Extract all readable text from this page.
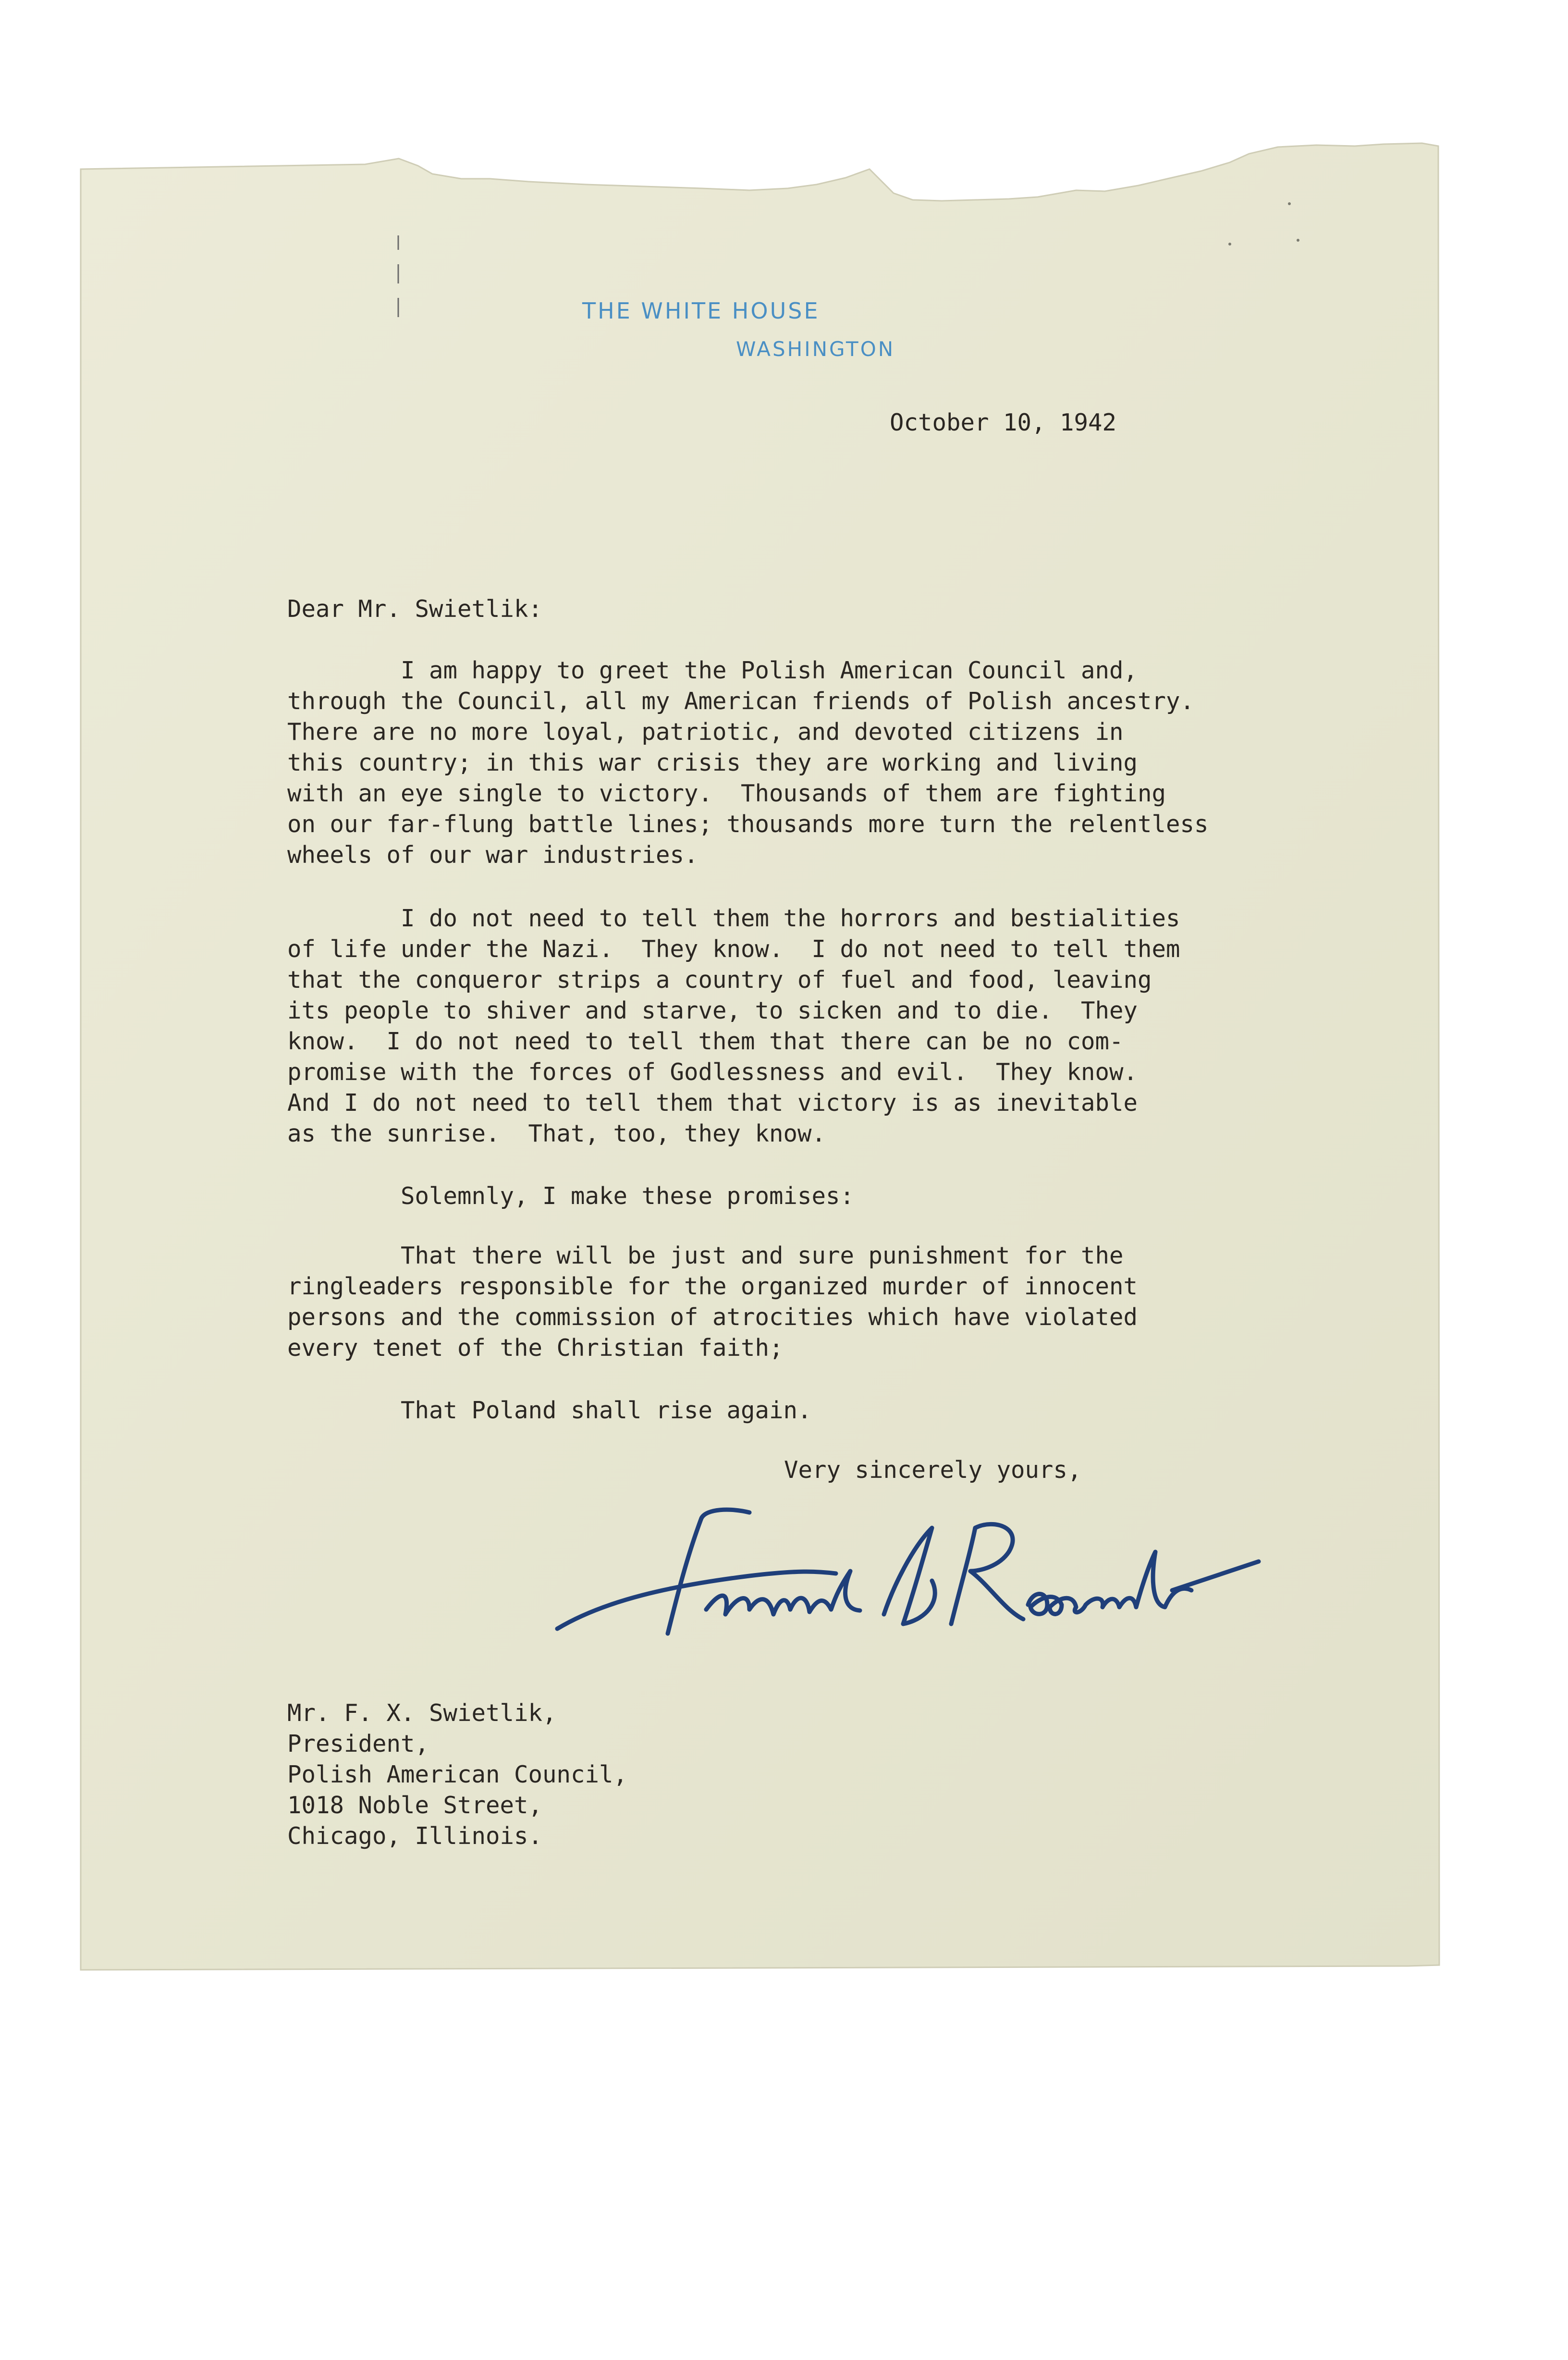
THE WHITE HOUSE
WASHINGTON
October 10, 1942
Dear Mr. Swietlik:
I am happy to greet the Polish American Council and,
through the Council, all my American friends of Polish ancestry.
There are no more loyal, patriotic, and devoted citizens in
this country; in this war crisis they are working and living
with an eye single to victory.  Thousands of them are fighting
on our far-flung battle lines; thousands more turn the relentless
wheels of our war industries.
I do not need to tell them the horrors and bestialities
of life under the Nazi.  They know.  I do not need to tell them
that the conqueror strips a country of fuel and food, leaving
its people to shiver and starve, to sicken and to die.  They
know.  I do not need to tell them that there can be no com-
promise with the forces of Godlessness and evil.  They know.
And I do not need to tell them that victory is as inevitable
as the sunrise.  That, too, they know.
Solemnly, I make these promises:
That there will be just and sure punishment for the
ringleaders responsible for the organized murder of innocent
persons and the commission of atrocities which have violated
every tenet of the Christian faith;
That Poland shall rise again.
Very sincerely yours,
Mr. F. X. Swietlik,
President,
Polish American Council,
1018 Noble Street,
Chicago, Illinois.
